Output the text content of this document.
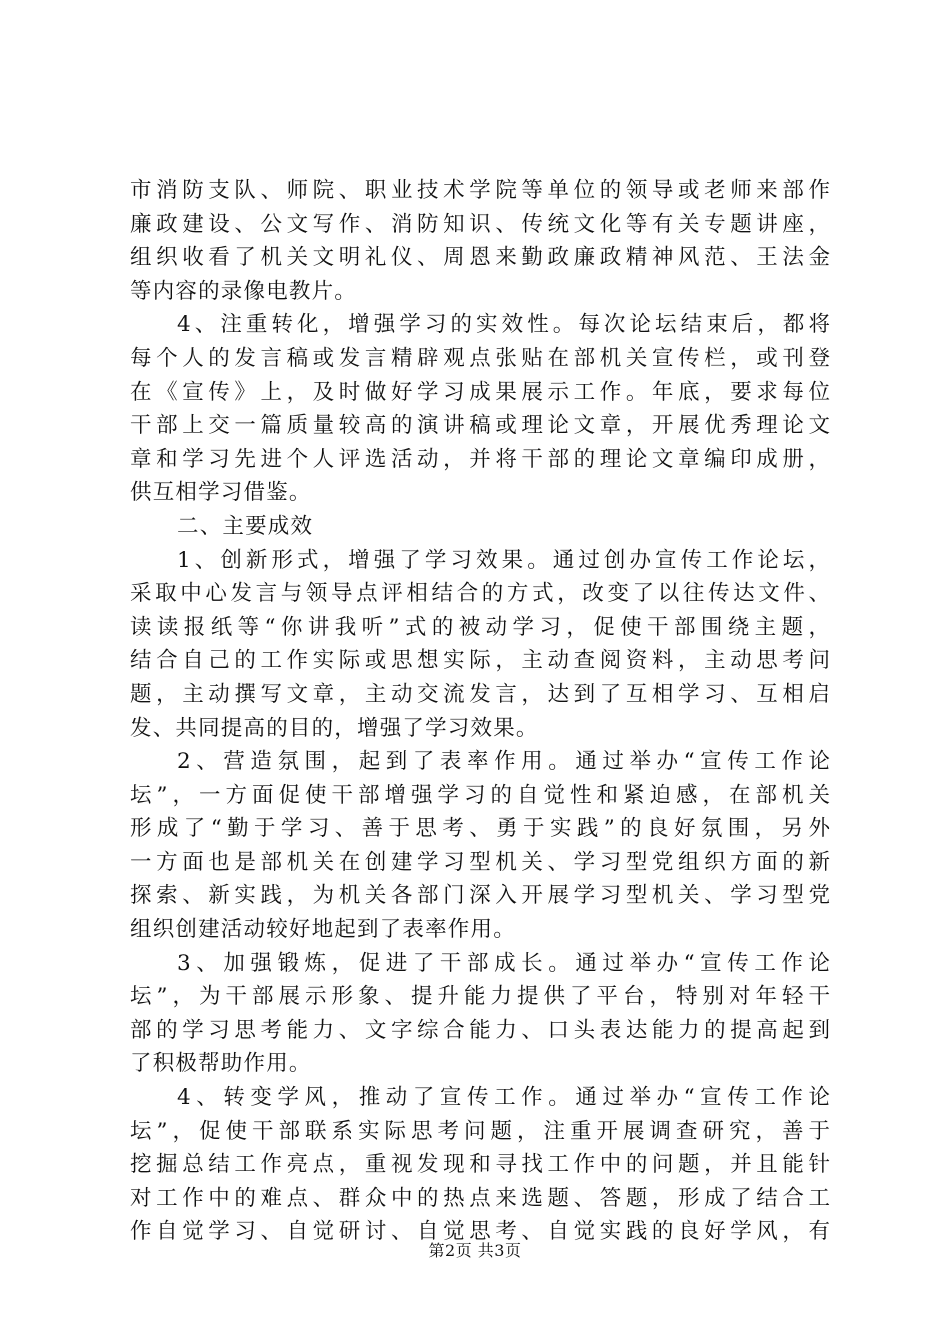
市消防支队、师院、职业技术学院等单位的领导或老师来部作
廉政建设、公文写作、消防知识、传统文化等有关专题讲座，
组织收看了机关文明礼仪、周恩来勤政廉政精神风范、王法金
等内容的录像电教片。
4、注重转化，增强学习的实效性。每次论坛结束后，都将
每个人的发言稿或发言精辟观点张贴在部机关宣传栏，或刊登
在《宣传》上，及时做好学习成果展示工作。年底，要求每位
干部上交一篇质量较高的演讲稿或理论文章，开展优秀理论文
章和学习先进个人评选活动，并将干部的理论文章编印成册，
供互相学习借鉴。
二、主要成效
1、创新形式，增强了学习效果。通过创办宣传工作论坛，
采取中心发言与领导点评相结合的方式，改变了以往传达文件、
读读报纸等“你讲我听”式的被动学习，促使干部围绕主题，
结合自己的工作实际或思想实际，主动查阅资料，主动思考问
题，主动撰写文章，主动交流发言，达到了互相学习、互相启
发、共同提高的目的，增强了学习效果。
2、营造氛围，起到了表率作用。通过举办“宣传工作论
坛”，一方面促使干部增强学习的自觉性和紧迫感，在部机关
形成了“勤于学习、善于思考、勇于实践”的良好氛围，另外
一方面也是部机关在创建学习型机关、学习型党组织方面的新
探索、新实践，为机关各部门深入开展学习型机关、学习型党
组织创建活动较好地起到了表率作用。
3、加强锻炼，促进了干部成长。通过举办“宣传工作论
坛”，为干部展示形象、提升能力提供了平台，特别对年轻干
部的学习思考能力、文字综合能力、口头表达能力的提高起到
了积极帮助作用。
4、转变学风，推动了宣传工作。通过举办“宣传工作论
坛”，促使干部联系实际思考问题，注重开展调查研究，善于
挖掘总结工作亮点，重视发现和寻找工作中的问题，并且能针
对工作中的难点、群众中的热点来选题、答题，形成了结合工
作自觉学习、自觉研讨、自觉思考、自觉实践的良好学风，有
第2页 共3页
